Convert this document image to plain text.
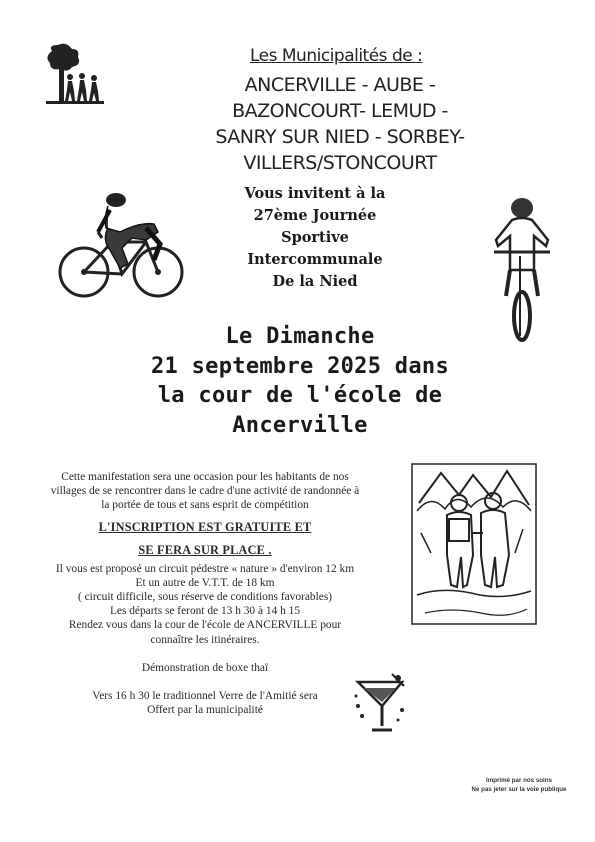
Les Municipalités de :
ANCERVILLE - AUBE -
BAZONCOURT- LEMUD -
SANRY SUR NIED - SORBEY-
VILLERS/STONCOURT
Vous invitent à la
27ème Journée
Sportive
Intercommunale
De la Nied
Le Dimanche
21 septembre 2025 dans
la cour de l'école de
Ancerville

Cette manifestation sera une occasion pour les habitants de nos villages de se rencontrer dans le cadre d'une activité de randonnée à la portée de tous et sans esprit de compétition

L'INSCRIPTION EST GRATUITE ET

SE FERA SUR PLACE .

Il vous est proposé un circuit pédestre « nature » d'environ 12 km

Et un autre de V.T.T. de 18 km

( circuit difficile, sous réserve de conditions favorables)

Les départs se feront de 13 h 30 à 14 h 15

Rendez vous dans la cour de l'école de ANCERVILLE pour connaître les itinéraires.

Démonstration de boxe thaï

Vers 16 h 30 le traditionnel Verre de l'Amitié sera

Offert par la municipalité

Imprimé par nos soins
Ne pas jeter sur la voie publique
